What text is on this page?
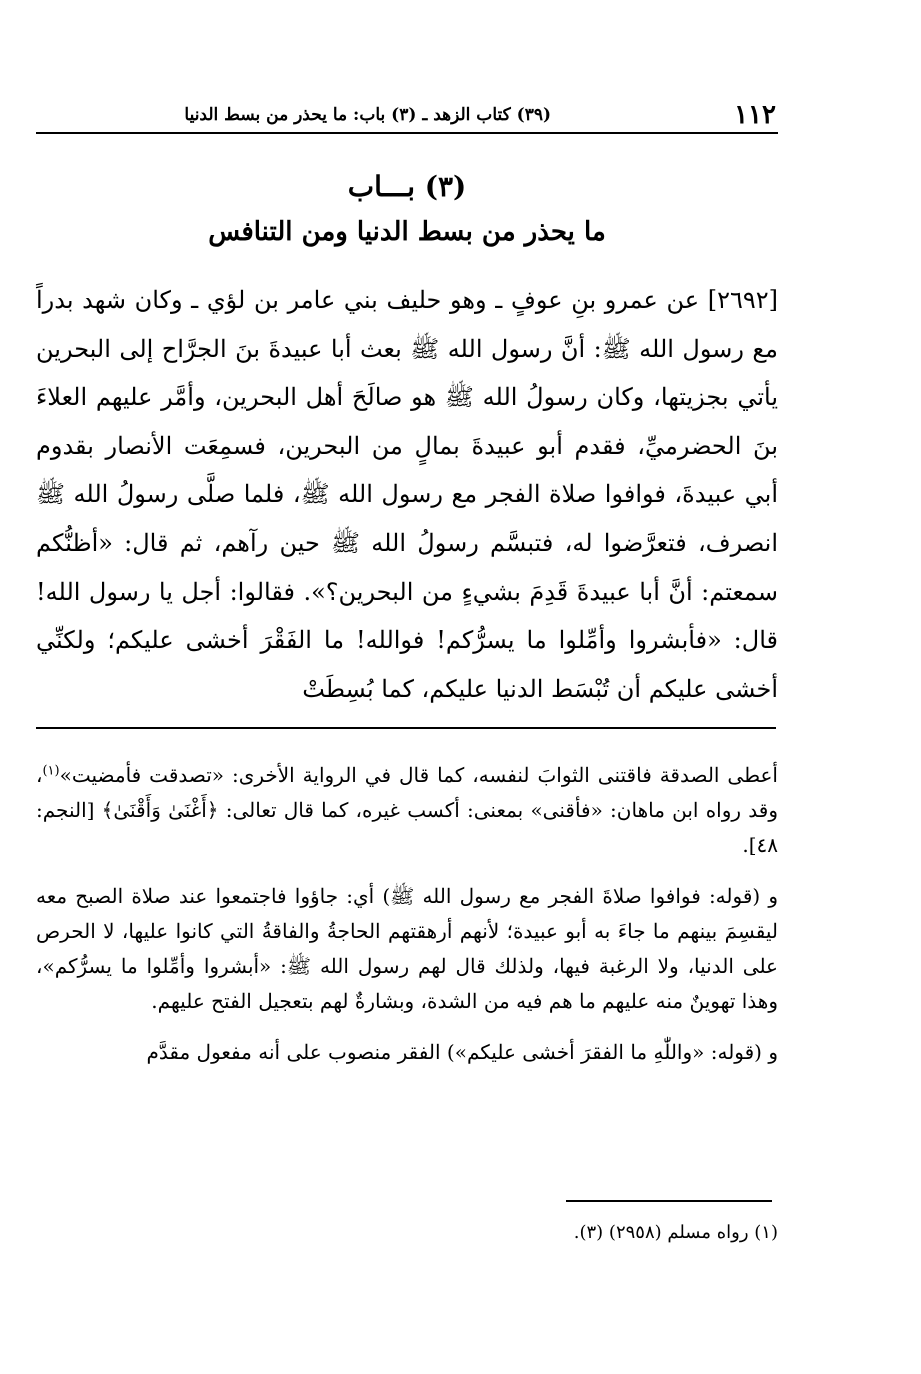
١١٢
(٣٩) كتاب الزهد ـ (٣) باب: ما يحذر من بسط الدنيا
(٣) بـــاب
ما يحذر من بسط الدنيا ومن التنافس

[٢٦٩٢] عن عمرو بنِ عوفٍ ـ وهو حليف بني عامر بن لؤي ـ وكان شهد بدراً مع رسول الله ﷺ: أنَّ رسول الله ﷺ بعث أبا عبيدةَ بنَ الجرَّاح إلى البحرين يأتي بجزيتها، وكان رسولُ الله ﷺ هو صالَحَ أهل البحرين، وأمَّر عليهم العلاءَ بنَ الحضرميِّ، فقدم أبو عبيدةَ بمالٍ من البحرين، فسمِعَت الأنصار بقدوم أبي عبيدةَ، فوافوا صلاة الفجر مع رسول الله ﷺ، فلما صلَّى رسولُ الله ﷺ انصرف، فتعرَّضوا له، فتبسَّم رسولُ الله ﷺ حين رآهم، ثم قال: «أظنُّكم سمعتم: أنَّ أبا عبيدةَ قَدِمَ بشيءٍ من البحرين؟». فقالوا: أجل يا رسول الله! قال: «فأبشروا وأمِّلوا ما يسرُّكم! فوالله! ما الفَقْرَ أخشى عليكم؛ ولكنِّي أخشى عليكم أن تُبْسَط الدنيا عليكم، كما بُسِطَتْ

أعطى الصدقة فاقتنى الثوابَ لنفسه، كما قال في الرواية الأخرى: «تصدقت فأمضيت»$^{(١)}$، وقد رواه ابن ماهان: «فأقنى» بمعنى: أكسب غيره، كما قال تعالى: ﴿أَغْنَىٰ وَأَقْنَىٰ﴾ [النجم: ٤٨].

و (قوله: فوافوا صلاةَ الفجر مع رسول الله ﷺ) أي: جاؤوا فاجتمعوا عند صلاة الصبح معه ليقسِمَ بينهم ما جاءَ به أبو عبيدة؛ لأنهم أرهقتهم الحاجةُ والفاقةُ التي كانوا عليها، لا الحرص على الدنيا، ولا الرغبة فيها، ولذلك قال لهم رسول الله ﷺ: «أبشروا وأمِّلوا ما يسرُّكم»، وهذا تهوينٌ منه عليهم ما هم فيه من الشدة، وبشارةٌ لهم بتعجيل الفتح عليهم.

و (قوله: «واللّٰهِ ما الفقرَ أخشى عليكم») الفقر منصوب على أنه مفعول مقدَّم

(١) رواه مسلم (٢٩٥٨) (٣).
